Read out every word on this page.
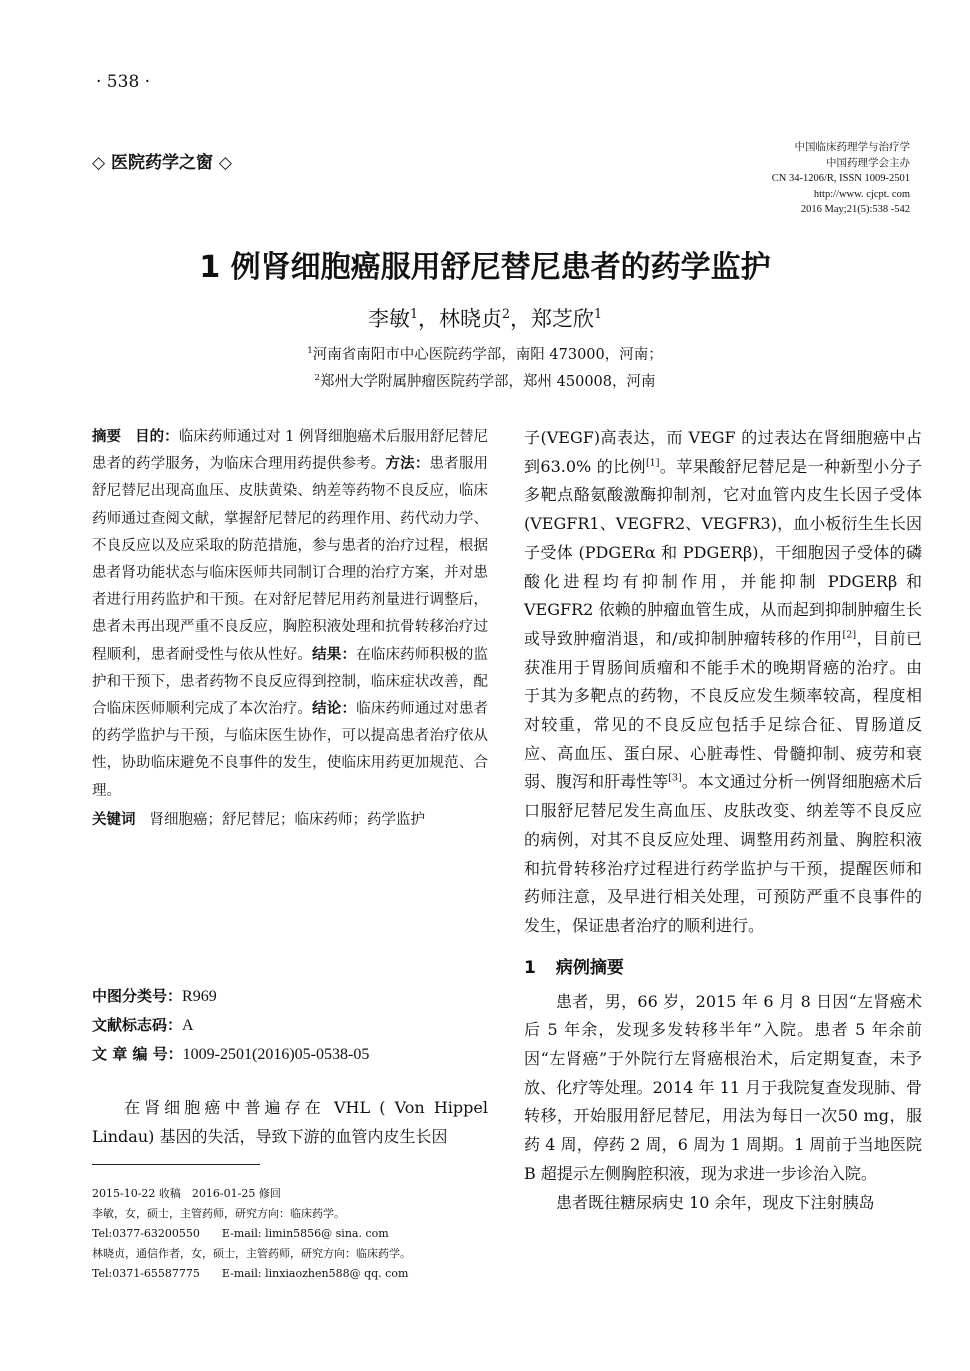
· 538 ·
◇ 医院药学之窗 ◇
中国临床药理学与治疗学
中国药理学会主办
CN 34-1206/R, ISSN 1009-2501
http://www. cjcpt. com
2016 May;21(5):538 -542
1 例肾细胞癌服用舒尼替尼患者的药学监护
李敏$^1$，林晓贞$^2$，郑芝欣$^1$
$^1$河南省南阳市中心医院药学部，南阳 473000，河南；
$^2$郑州大学附属肿瘤医院药学部，郑州 450008，河南
摘要 目的：临床药师通过对 1 例肾细胞癌术后服用舒尼替尼患者的药学服务，为临床合理用药提供参考。方法：患者服用舒尼替尼出现高血压、皮肤黄染、纳差等药物不良反应，临床药师通过查阅文献，掌握舒尼替尼的药理作用、药代动力学、不良反应以及应采取的防范措施，参与患者的治疗过程，根据患者肾功能状态与临床医师共同制订合理的治疗方案，并对患者进行用药监护和干预。在对舒尼替尼用药剂量进行调整后，患者未再出现严重不良反应，胸腔积液处理和抗骨转移治疗过程顺利，患者耐受性与依从性好。结果：在临床药师积极的监护和干预下，患者药物不良反应得到控制，临床症状改善，配合临床医师顺利完成了本次治疗。结论：临床药师通过对患者的药学监护与干预，与临床医生协作，可以提高患者治疗依从性，协助临床避免不良事件的发生，使临床用药更加规范、合理。
关键词 肾细胞癌；舒尼替尼；临床药师；药学监护
中图分类号：R969
文献标志码：A
文 章 编 号：1009-2501(2016)05-0538-05

在肾细胞癌中普遍存在 VHL ( Von Hippel Lindau) 基因的失活，导致下游的血管内皮生长因

2015-10-22 收稿　2016-01-25 修回
李敏，女，硕士，主管药师，研究方向：临床药学。
Tel:0377-63200550　　E-mail: limin5856@ sina. com
林晓贞，通信作者，女，硕士，主管药师，研究方向：临床药学。
Tel:0371-65587775　　E-mail: linxiaozhen588@ qq. com

子(VEGF)高表达，而 VEGF 的过表达在肾细胞癌中占到63.0% 的比例[1]。苹果酸舒尼替尼是一种新型小分子多靶点酪氨酸激酶抑制剂，它对血管内皮生长因子受体 (VEGFR1、VEGFR2、VEGFR3)，血小板衍生生长因子受体 (PDGERα 和 PDGERβ)，干细胞因子受体的磷酸化进程均有抑制作用，并能抑制 PDGERβ 和 VEGFR2 依赖的肿瘤血管生成，从而起到抑制肿瘤生长或导致肿瘤消退，和/或抑制肿瘤转移的作用[2]，目前已获准用于胃肠间质瘤和不能手术的晚期肾癌的治疗。由于其为多靶点的药物，不良反应发生频率较高，程度相对较重，常见的不良反应包括手足综合征、胃肠道反应、高血压、蛋白尿、心脏毒性、骨髓抑制、疲劳和衰弱、腹泻和肝毒性等[3]。本文通过分析一例肾细胞癌术后口服舒尼替尼发生高血压、皮肤改变、纳差等不良反应的病例，对其不良反应处理、调整用药剂量、胸腔积液和抗骨转移治疗过程进行药学监护与干预，提醒医师和药师注意，及早进行相关处理，可预防严重不良事件的发生，保证患者治疗的顺利进行。

1 病例摘要

患者，男，66 岁，2015 年 6 月 8 日因“左肾癌术后 5 年余，发现多发转移半年”入院。患者 5 年余前因“左肾癌”于外院行左肾癌根治术，后定期复查，未予放、化疗等处理。2014 年 11 月于我院复查发现肺、骨转移，开始服用舒尼替尼，用法为每日一次50 mg，服药 4 周，停药 2 周，6 周为 1 周期。1 周前于当地医院 B 超提示左侧胸腔积液，现为求进一步诊治入院。

患者既往糖尿病史 10 余年，现皮下注射胰岛
